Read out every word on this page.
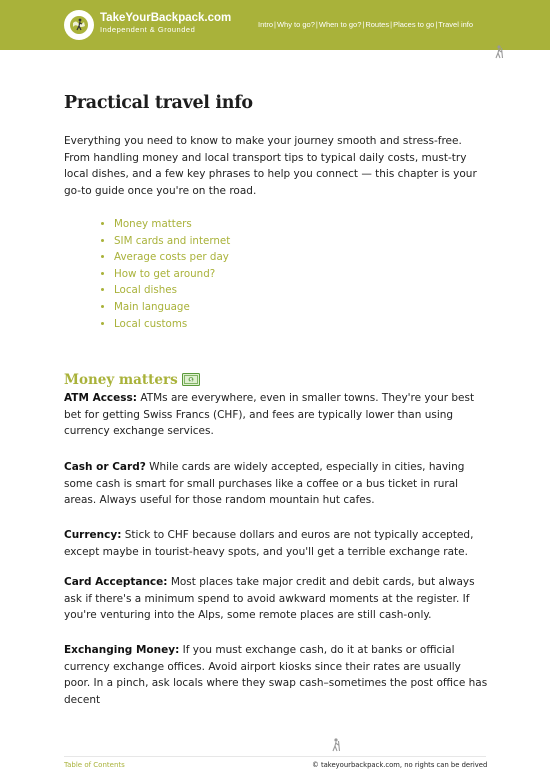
TakeYourBackpack.com
Independent & Grounded
Intro|Why to go?|When to go?|Routes|Places to go|Travel info
Practical travel info

Everything you need to know to make your journey smooth and stress-free. From handling money and local transport tips to typical daily costs, must-try local dishes, and a few key phrases to help you connect — this chapter is your go-to guide once you're on the road.

• Money matters
• SIM cards and internet
• Average costs per day
• How to get around?
• Local dishes
• Main language
• Local customs
Money matters $

ATM Access: ATMs are everywhere, even in smaller towns. They're your best bet for getting Swiss Francs (CHF), and fees are typically lower than using currency exchange services.

Cash or Card? While cards are widely accepted, especially in cities, having some cash is smart for small purchases like a coffee or a bus ticket in rural areas. Always useful for those random mountain hut cafes.

Currency: Stick to CHF because dollars and euros are not typically accepted, except maybe in tourist-heavy spots, and you'll get a terrible exchange rate.

Card Acceptance: Most places take major credit and debit cards, but always ask if there's a minimum spend to avoid awkward moments at the register. If you're venturing into the Alps, some remote places are still cash-only.

Exchanging Money: If you must exchange cash, do it at banks or official currency exchange offices. Avoid airport kiosks since their rates are usually poor. In a pinch, ask locals where they swap cash–sometimes the post office has decent

Table of Contents	© takeyourbackpack.com, no rights can be derived
